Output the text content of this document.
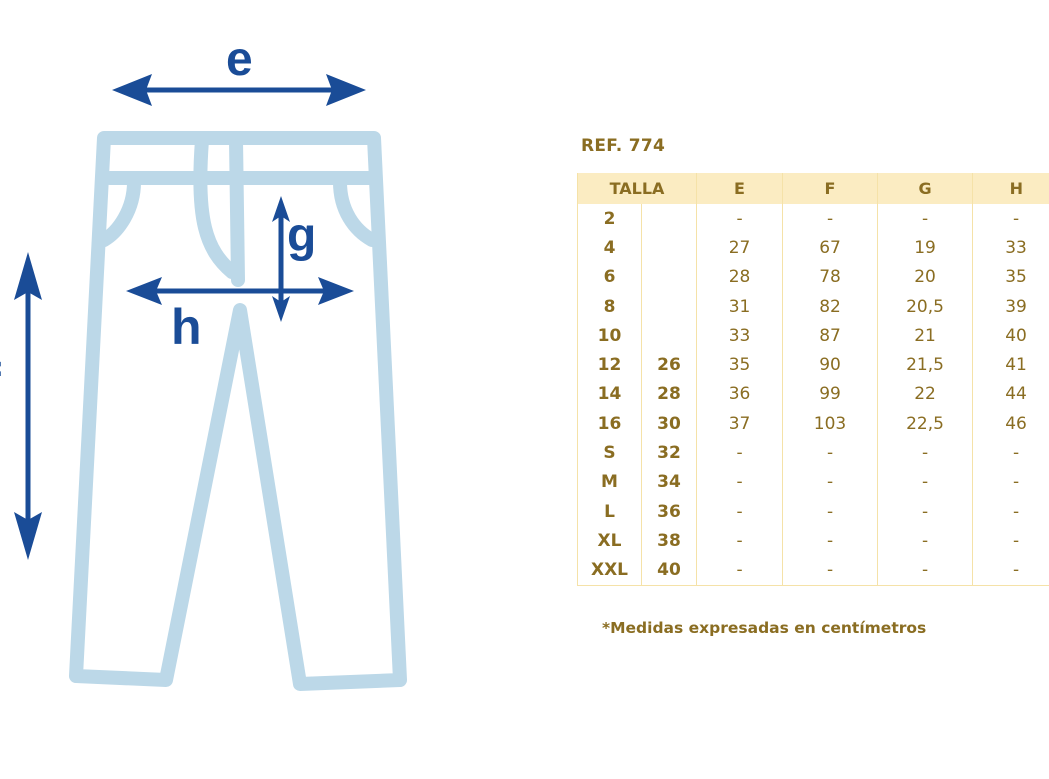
e
g
h
REF. 774
TALLA		E	F	G	H
2		-	-	-	-
4		27	67	19	33
6		28	78	20	35
8		31	82	20,5	39
10		33	87	21	40
12	26	35	90	21,5	41
14	28	36	99	22	44
16	30	37	103	22,5	46
S	32	-	-	-	-
M	34	-	-	-	-
L	36	-	-	-	-
XL	38	-	-	-	-
XXL	40	-	-	-	-
*Medidas expresadas en centímetros
